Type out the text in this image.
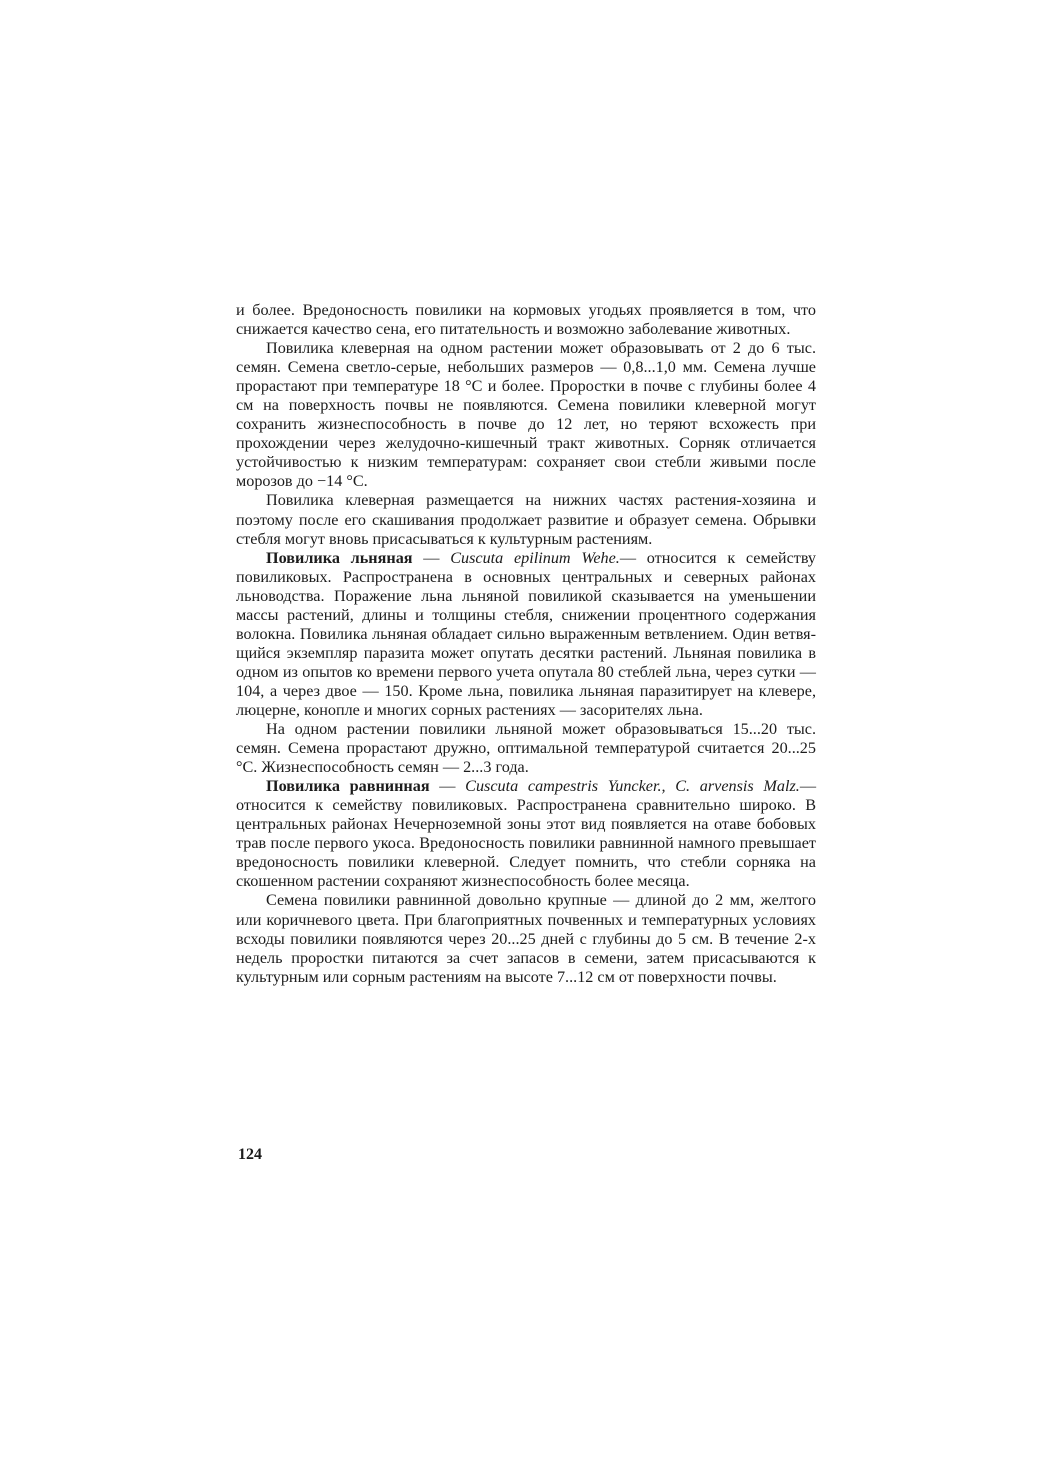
и более. Вредоносность повилики на кормовых угодьях проявляется в том, что снижается качество сена, его питательность и возможно заболевание животных.

Повилика клеверная на одном растении может образовывать от 2 до 6 тыс. семян. Семена светло-серые, небольших размеров — 0,8...1,0 мм. Семена лучше прорастают при температуре 18 °С и более. Проростки в почве с глубины более 4 см на поверхность почвы не появляются. Семена повилики клеверной могут сохранить жизнеспособность в почве до 12 лет, но теряют всхожесть при прохождении через желудочно-кишечный тракт животных. Сорняк отличается устойчивостью к низким температурам: сохраняет свои стебли живыми после морозов до −14 °С.

Повилика клеверная размещается на нижних частях растения-хозяина и поэтому после его скашивания продолжает развитие и образует семена. Обрывки стебля могут вновь присасываться к культурным растениям.

Повилика льняная — Cuscuta epilinum Wehe.— относится к семейству повиликовых. Распространена в основных центральных и северных районах льноводства. Поражение льна льняной повиликой сказывается на уменьшении массы растений, длины и толщины стебля, снижении процентного содержания волокна. Повилика льняная обладает сильно выраженным ветвлением. Один ветвящийся экземпляр паразита может опутать десятки растений. Льняная повилика в одном из опытов ко времени первого учета опутала 80 стеблей льна, через сутки — 104, а через двое — 150. Кроме льна, повилика льняная паразитирует на клевере, люцерне, конопле и многих сорных растениях — засорителях льна.

На одном растении повилики льняной может образовываться 15...20 тыс. семян. Семена прорастают дружно, оптимальной температурой считается 20...25 °С. Жизнеспособность семян — 2...3 года.

Повилика равнинная — Cuscuta campestris Yuncker., C. arvensis Malz.— относится к семейству повиликовых. Распространена сравнительно широко. В центральных районах Нечерноземной зоны этот вид появляется на отаве бобовых трав после первого укоса. Вредоносность повилики равнинной намного превышает вредоносность повилики клеверной. Следует помнить, что стебли сорняка на скошенном растении сохраняют жизнеспособность более месяца.

Семена повилики равнинной довольно крупные — длиной до 2 мм, желтого или коричневого цвета. При благоприятных почвенных и температурных условиях всходы повилики появляются через 20...25 дней с глубины до 5 см. В течение 2-х недель проростки питаются за счет запасов в семени, затем присасываются к культурным или сорным растениям на высоте 7...12 см от поверхности почвы.

124
